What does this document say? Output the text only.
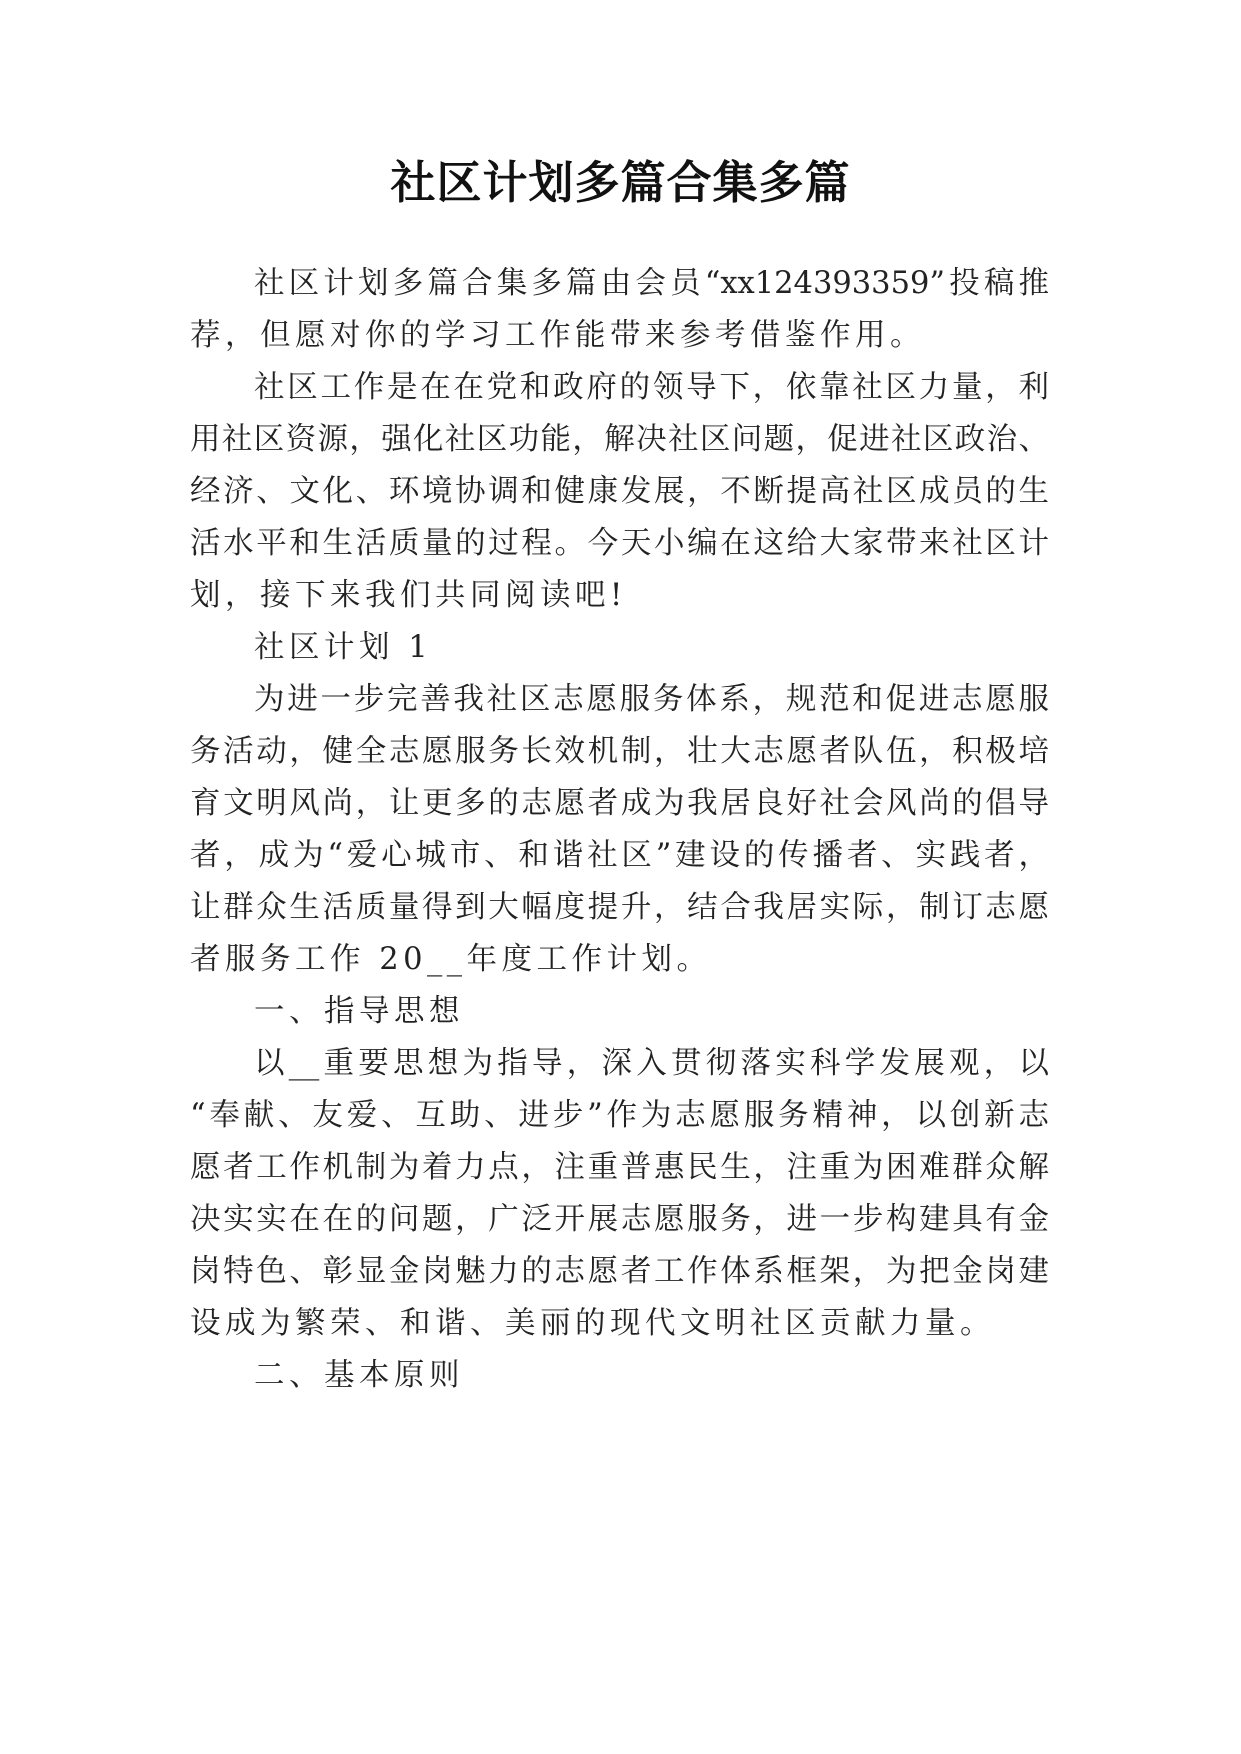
社区计划多篇合集多篇
社区计划多篇合集多篇由会员“xx124393359”投稿推
荐，但愿对你的学习工作能带来参考借鉴作用。
社区工作是在在党和政府的领导下，依靠社区力量，利
用社区资源，强化社区功能，解决社区问题，促进社区政治、
经济、文化、环境协调和健康发展，不断提高社区成员的生
活水平和生活质量的过程。今天小编在这给大家带来社区计
划，接下来我们共同阅读吧!
社区计划 1
为进一步完善我社区志愿服务体系，规范和促进志愿服
务活动，健全志愿服务长效机制，壮大志愿者队伍，积极培
育文明风尚，让更多的志愿者成为我居良好社会风尚的倡导
者，成为“爱心城市、和谐社区”建设的传播者、实践者，
让群众生活质量得到大幅度提升，结合我居实际，制订志愿
者服务工作 20__年度工作计划。
一、指导思想
以__重要思想为指导，深入贯彻落实科学发展观，以
“奉献、友爱、互助、进步”作为志愿服务精神，以创新志
愿者工作机制为着力点，注重普惠民生，注重为困难群众解
决实实在在的问题，广泛开展志愿服务，进一步构建具有金
岗特色、彰显金岗魅力的志愿者工作体系框架，为把金岗建
设成为繁荣、和谐、美丽的现代文明社区贡献力量。
二、基本原则
